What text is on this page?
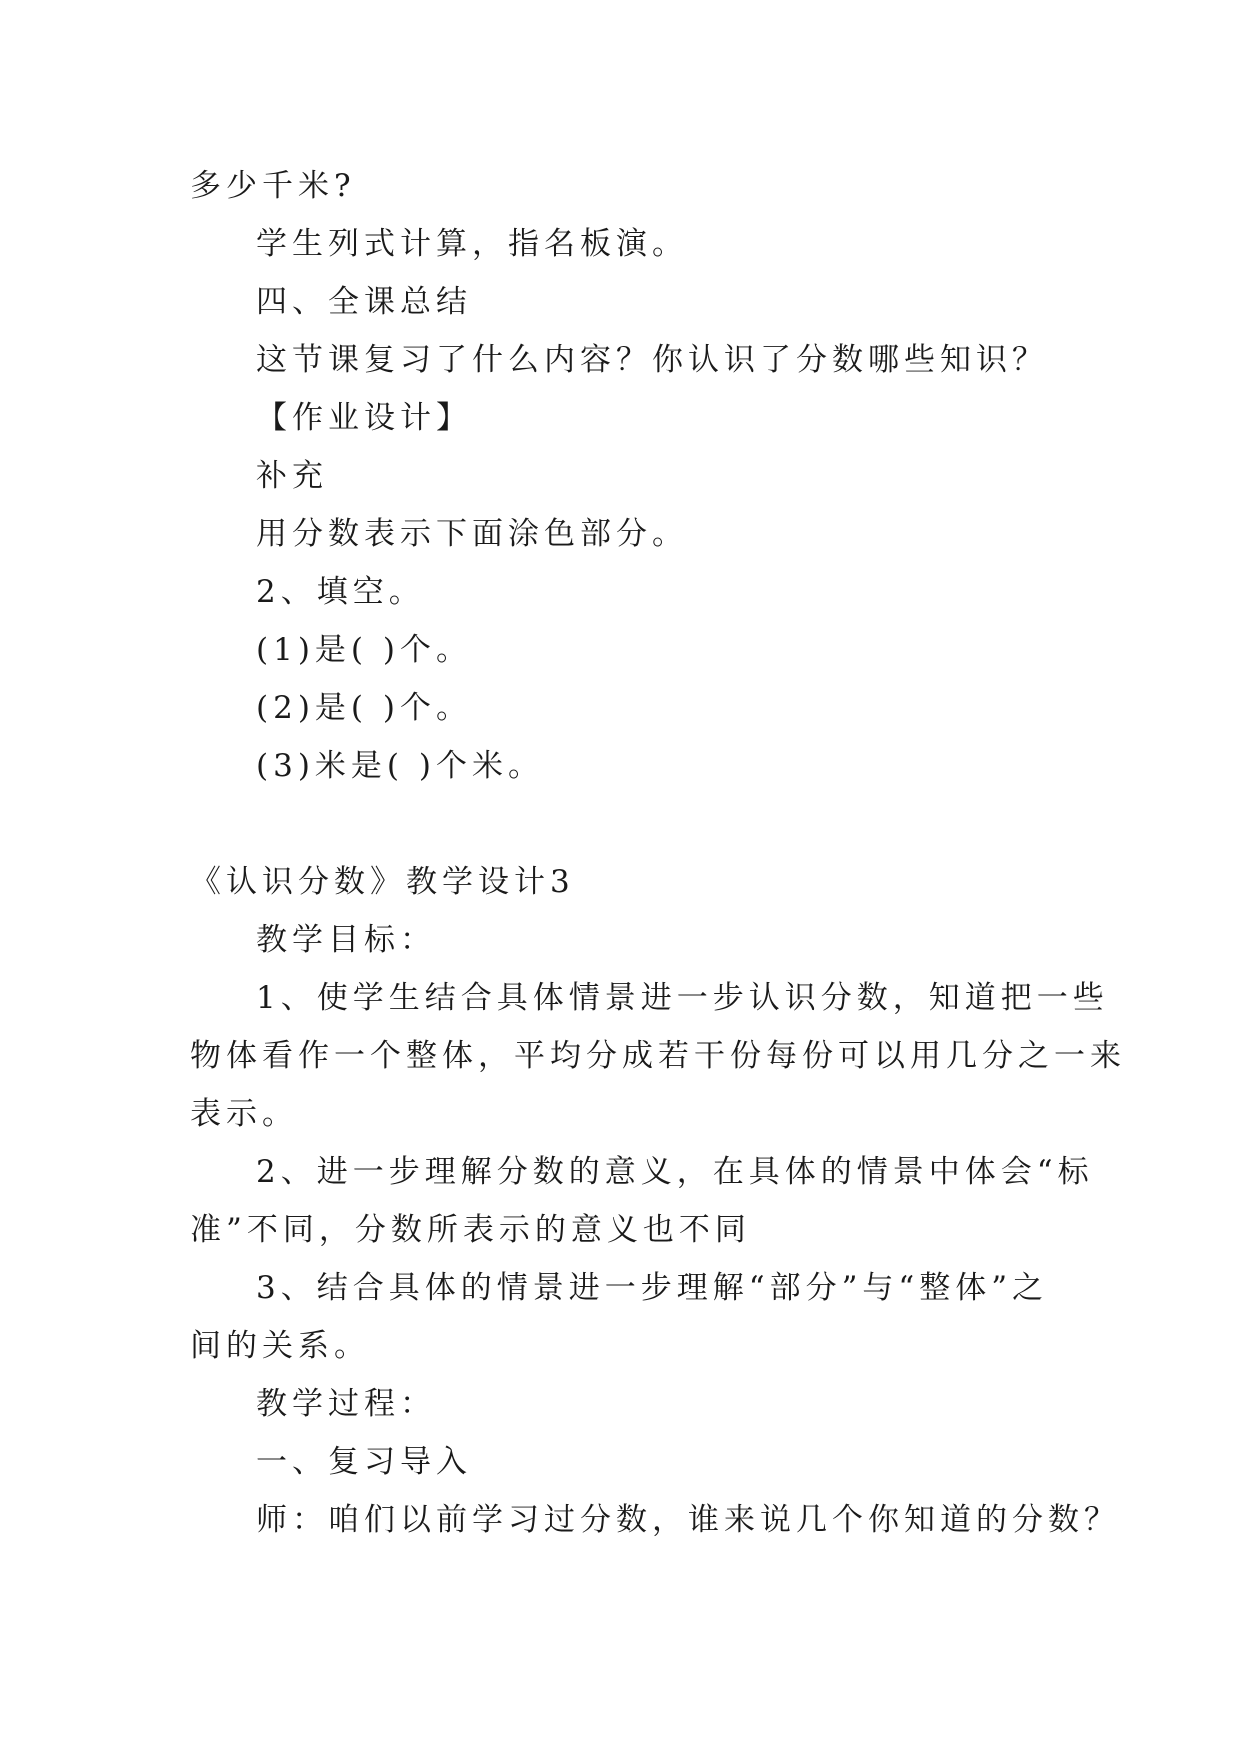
多少千米?
学生列式计算，指名板演。
四、全课总结
这节课复习了什么内容？你认识了分数哪些知识？
【作业设计】
补充
用分数表示下面涂色部分。
2、填空。
(1)是( )个。
(2)是( )个。
(3)米是( )个米。
《认识分数》教学设计3
教学目标：
1、使学生结合具体情景进一步认识分数，知道把一些
物体看作一个整体，平均分成若干份每份可以用几分之一来
表示。
2、进一步理解分数的意义，在具体的情景中体会“标
准”不同，分数所表示的意义也不同
3、结合具体的情景进一步理解“部分”与“整体”之
间的关系。
教学过程：
一、复习导入
师：咱们以前学习过分数，谁来说几个你知道的分数？
